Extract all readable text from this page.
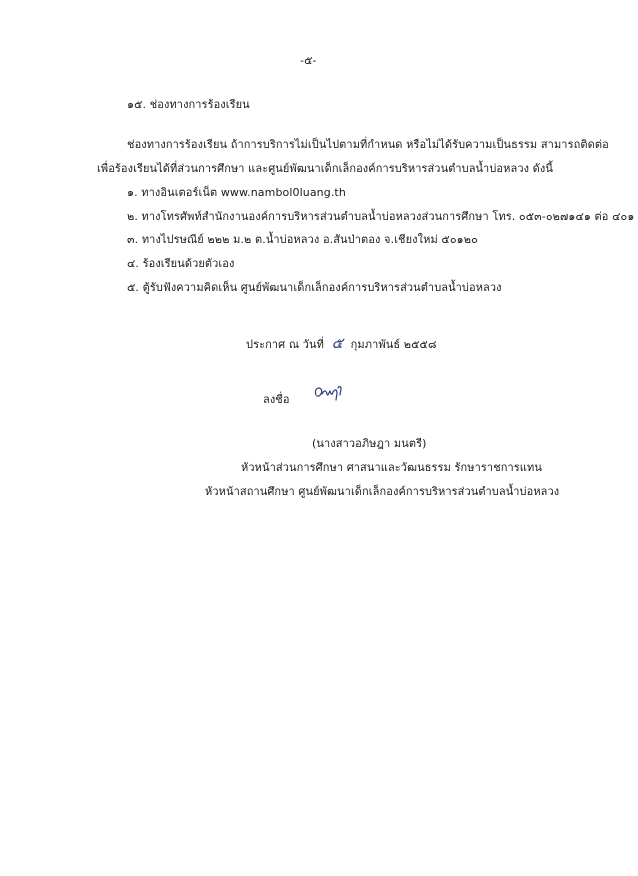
-๕-
๑๕. ช่องทางการร้องเรียน
ช่องทางการร้องเรียน ถ้าการบริการไม่เป็นไปตามที่กำหนด หรือไม่ได้รับความเป็นธรรม สามารถติดต่อ
เพื่อร้องเรียนได้ที่ส่วนการศึกษา และศูนย์พัฒนาเด็กเล็กองค์การบริหารส่วนตำบลน้ำบ่อหลวง ดังนี้
๑. ทางอินเตอร์เน็ต www.nambol0luang.th
๒. ทางโทรศัพท์สำนักงานองค์การบริหารส่วนตำบลน้ำบ่อหลวงส่วนการศึกษา โทร. ๐๕๓-๐๒๗๑๔๑ ต่อ ๔๐๑
๓. ทางไปรษณีย์ ๒๒๒ ม.๒ ต.น้ำบ่อหลวง อ.สันป่าตอง จ.เชียงใหม่ ๕๐๑๒๐
๔. ร้องเรียนด้วยตัวเอง
๕. ตู้รับฟังความคิดเห็น ศูนย์พัฒนาเด็กเล็กองค์การบริหารส่วนตำบลน้ำบ่อหลวง
ประกาศ ณ วันที่ ๕ กุมภาพันธ์ ๒๕๕๘
ลงชื่อ
(นางสาวอภิษฎา มนตรี)
หัวหน้าส่วนการศึกษา ศาสนาและวัฒนธรรม รักษาราชการแทน
หัวหน้าสถานศึกษา ศูนย์พัฒนาเด็กเล็กองค์การบริหารส่วนตำบลน้ำบ่อหลวง
